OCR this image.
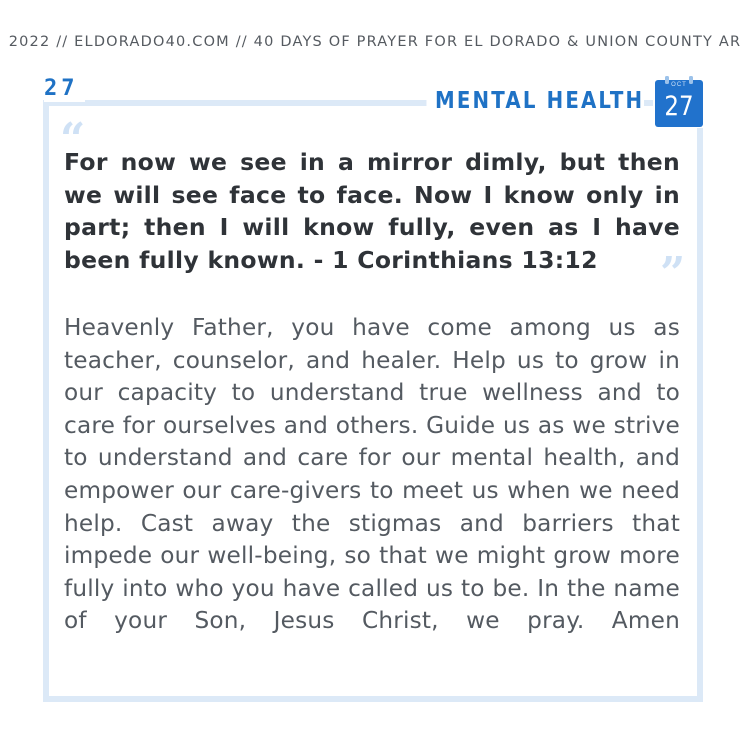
2022 // ELDORADO40.COM // 40 DAYS OF PRAYER FOR EL DORADO & UNION COUNTY AR
27	MENTAL HEALTH
OCT
27
“
For now we see in a mirror dimly, but then we will see face to face. Now I know only in part; then I will know fully, even as I have been fully known. - 1 Corinthians 13:12	”
Heavenly Father, you have come among us as teacher, counselor, and healer. Help us to grow in our capacity to understand true wellness and to care for ourselves and others. Guide us as we strive to understand and care for our mental health, and empower our care-givers to meet us when we need help. Cast away the stigmas and barriers that impede our well-being, so that we might grow more fully into who you have called us to be. In the name of your Son, Jesus Christ, we pray. Amen
